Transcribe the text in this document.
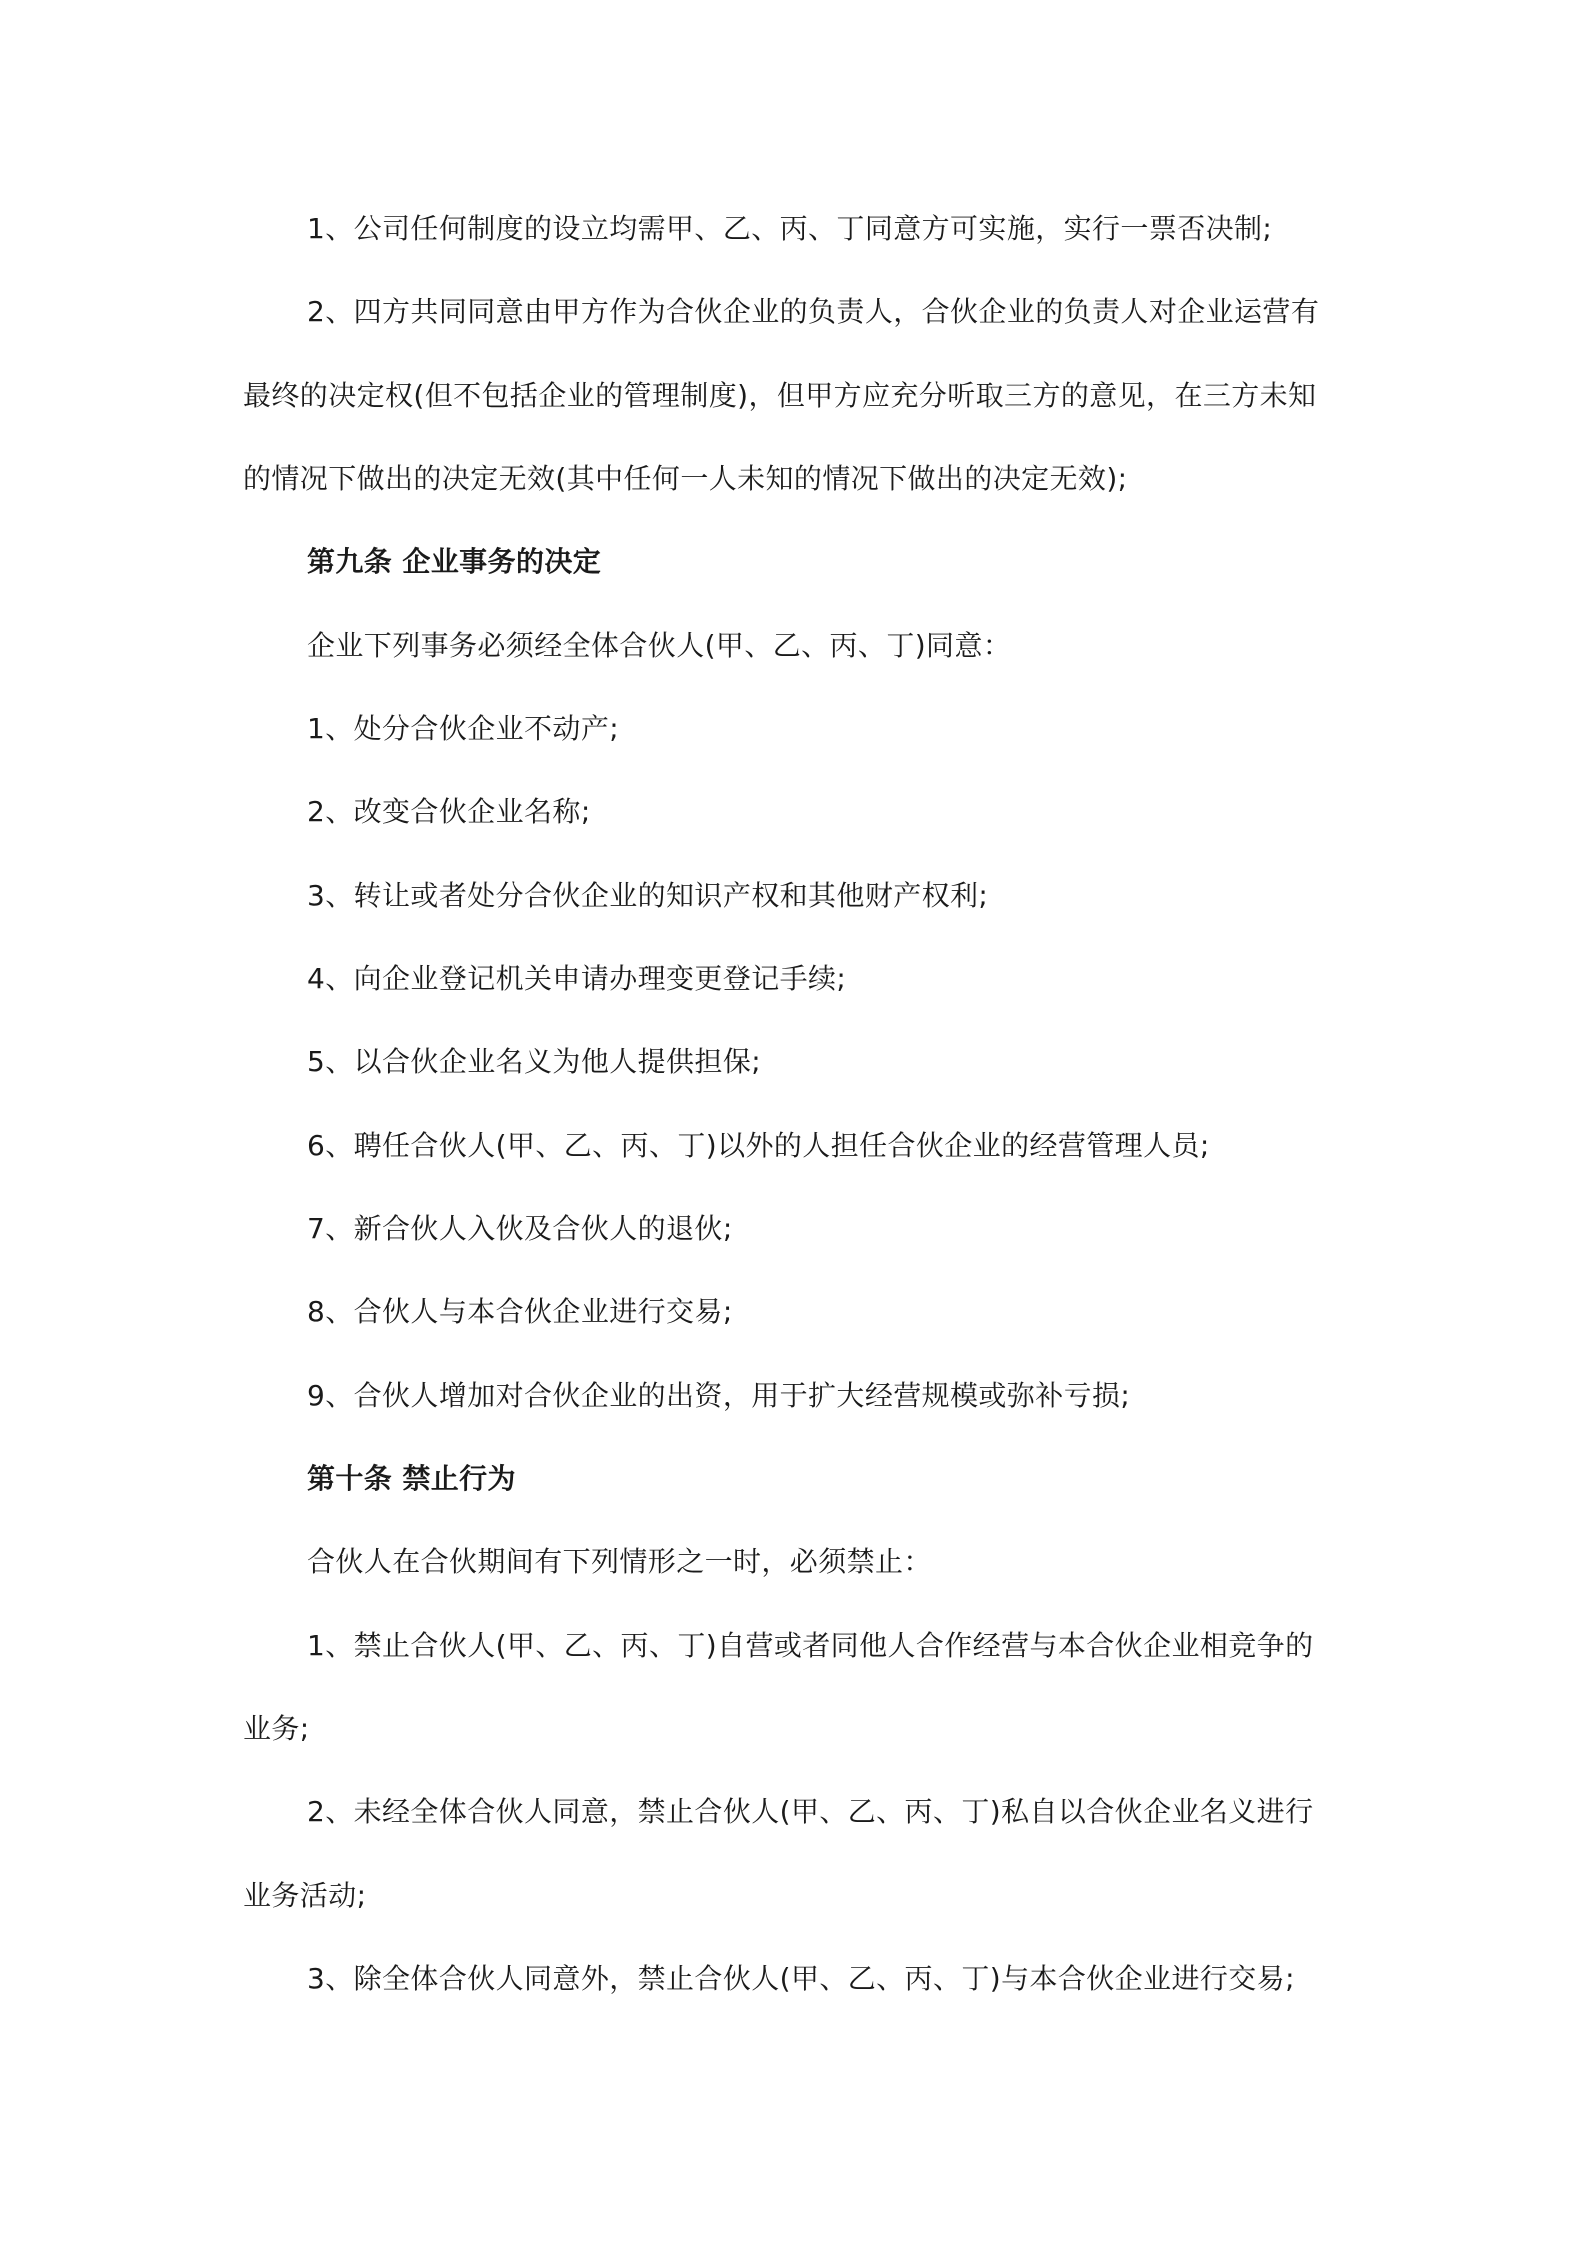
1、公司任何制度的设立均需甲、乙、丙、丁同意方可实施，实行一票否决制;
2、四方共同同意由甲方作为合伙企业的负责人，合伙企业的负责人对企业运营有
最终的决定权(但不包括企业的管理制度)，但甲方应充分听取三方的意见，在三方未知
的情况下做出的决定无效(其中任何一人未知的情况下做出的决定无效);
第九条 企业事务的决定
企业下列事务必须经全体合伙人(甲、乙、丙、丁)同意：
1、处分合伙企业不动产;
2、改变合伙企业名称;
3、转让或者处分合伙企业的知识产权和其他财产权利;
4、向企业登记机关申请办理变更登记手续;
5、以合伙企业名义为他人提供担保;
6、聘任合伙人(甲、乙、丙、丁)以外的人担任合伙企业的经营管理人员;
7、新合伙人入伙及合伙人的退伙;
8、合伙人与本合伙企业进行交易;
9、合伙人增加对合伙企业的出资，用于扩大经营规模或弥补亏损;
第十条 禁止行为
合伙人在合伙期间有下列情形之一时，必须禁止：
1、禁止合伙人(甲、乙、丙、丁)自营或者同他人合作经营与本合伙企业相竞争的
业务;
2、未经全体合伙人同意，禁止合伙人(甲、乙、丙、丁)私自以合伙企业名义进行
业务活动;
3、除全体合伙人同意外，禁止合伙人(甲、乙、丙、丁)与本合伙企业进行交易;
